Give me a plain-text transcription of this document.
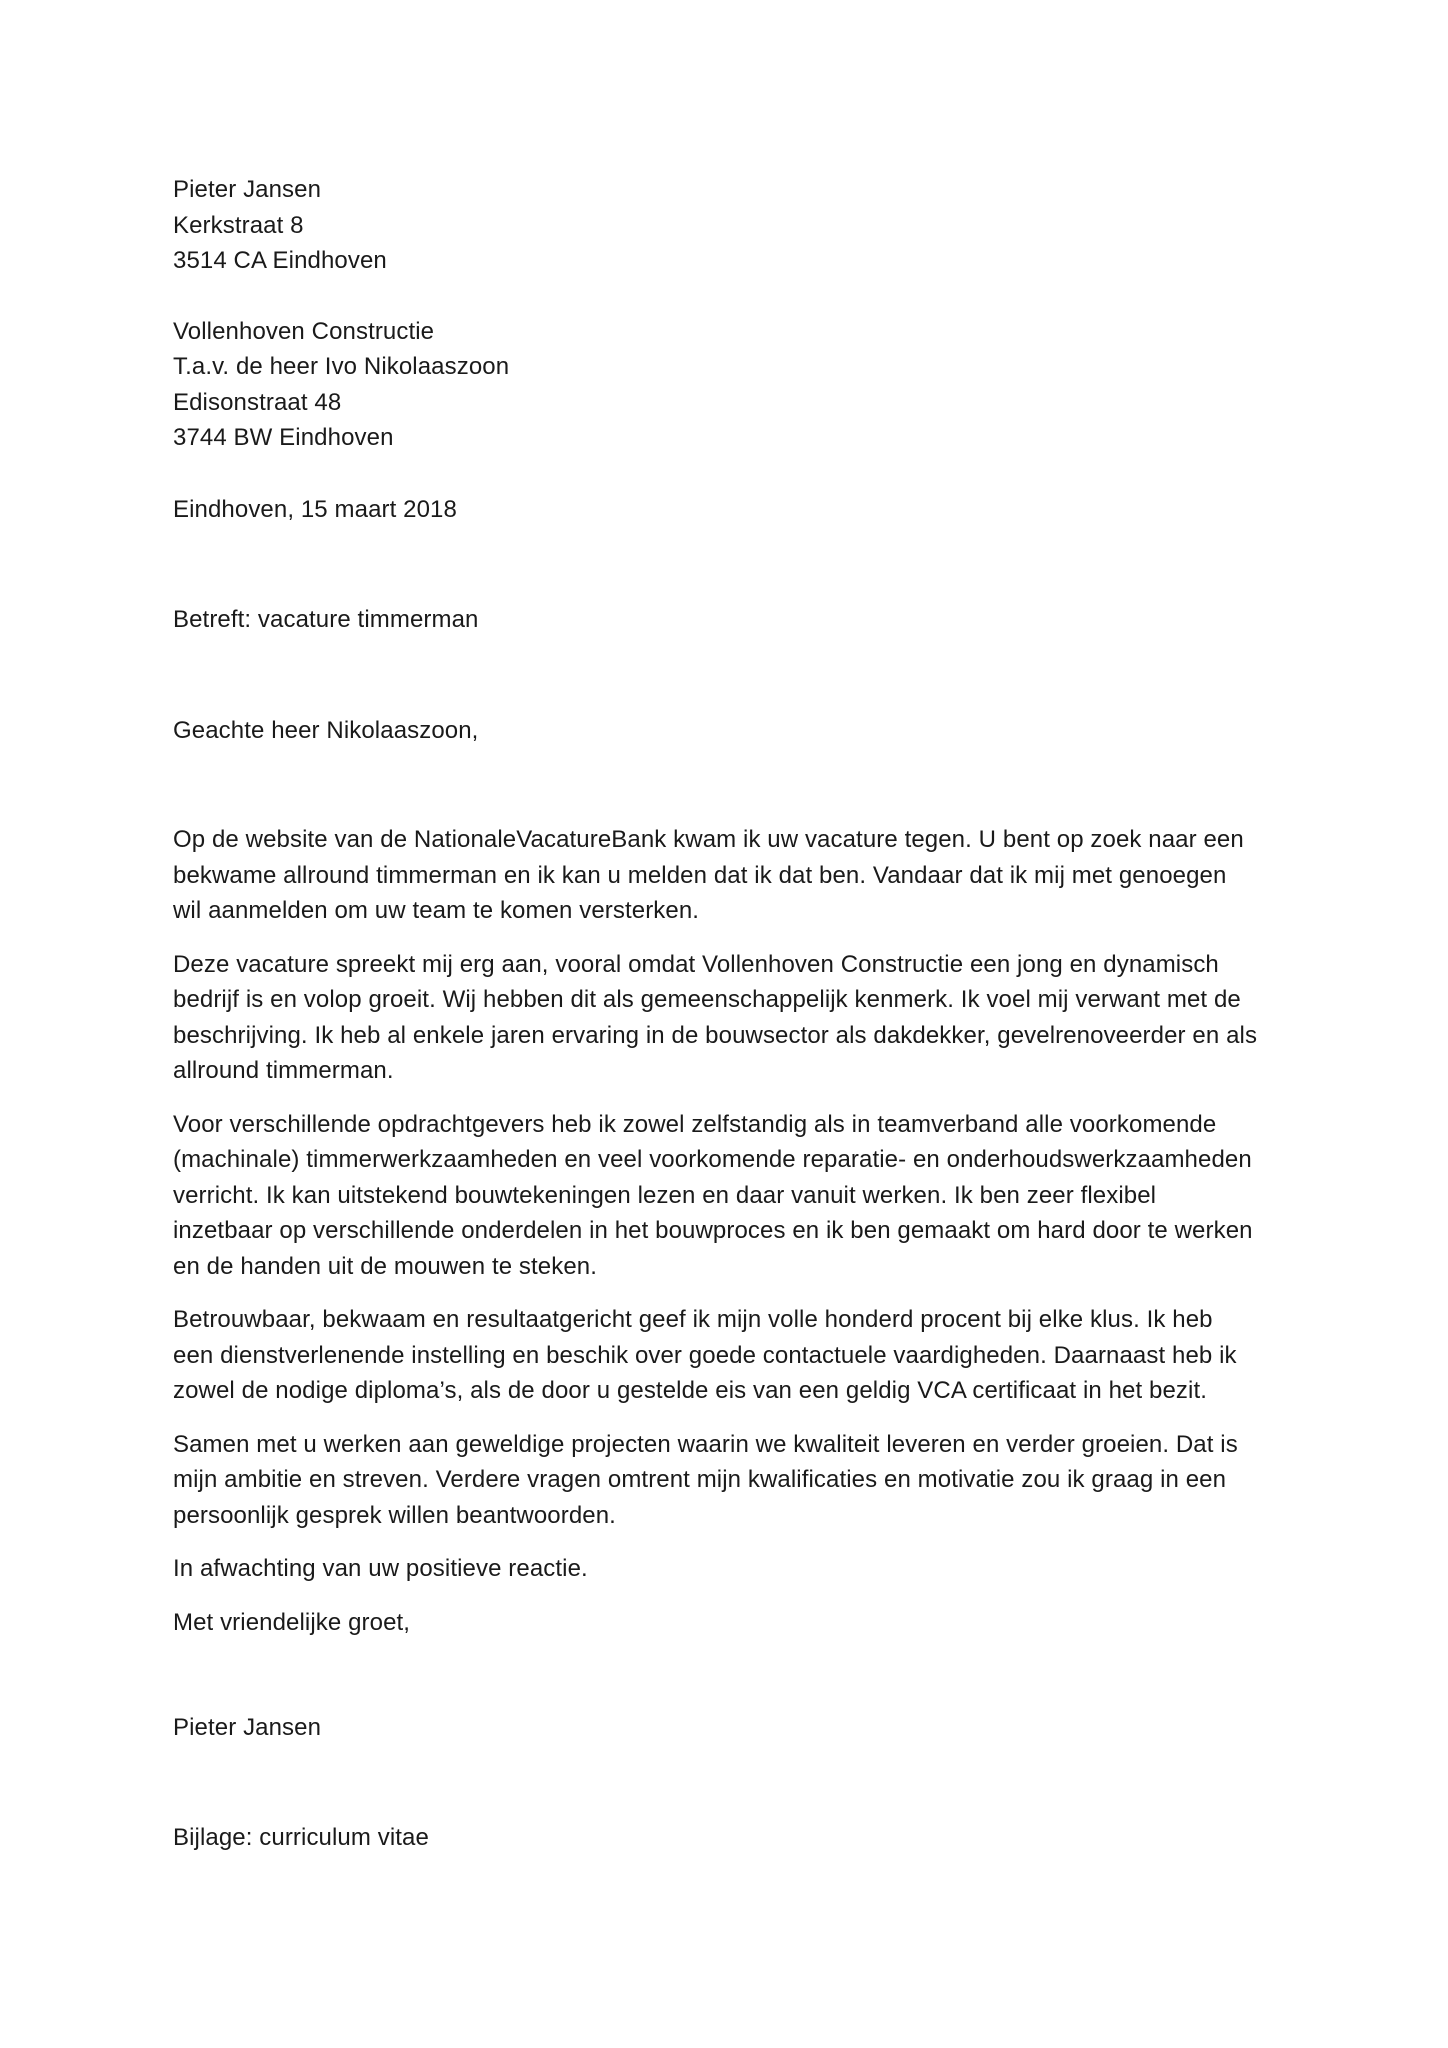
Pieter Jansen
Kerkstraat 8
3514 CA Eindhoven
Vollenhoven Constructie
T.a.v. de heer Ivo Nikolaaszoon
Edisonstraat 48
3744 BW Eindhoven
Eindhoven, 15 maart 2018
Betreft: vacature timmerman
Geachte heer Nikolaaszoon,
Op de website van de NationaleVacatureBank kwam ik uw vacature tegen. U bent op zoek naar een
bekwame allround timmerman en ik kan u melden dat ik dat ben. Vandaar dat ik mij met genoegen
wil aanmelden om uw team te komen versterken.
Deze vacature spreekt mij erg aan, vooral omdat Vollenhoven Constructie een jong en dynamisch
bedrijf is en volop groeit. Wij hebben dit als gemeenschappelijk kenmerk. Ik voel mij verwant met de
beschrijving. Ik heb al enkele jaren ervaring in de bouwsector als dakdekker, gevelrenoveerder en als
allround timmerman.
Voor verschillende opdrachtgevers heb ik zowel zelfstandig als in teamverband alle voorkomende
(machinale) timmerwerkzaamheden en veel voorkomende reparatie- en onderhoudswerkzaamheden
verricht. Ik kan uitstekend bouwtekeningen lezen en daar vanuit werken. Ik ben zeer flexibel
inzetbaar op verschillende onderdelen in het bouwproces en ik ben gemaakt om hard door te werken
en de handen uit de mouwen te steken.
Betrouwbaar, bekwaam en resultaatgericht geef ik mijn volle honderd procent bij elke klus. Ik heb
een dienstverlenende instelling en beschik over goede contactuele vaardigheden. Daarnaast heb ik
zowel de nodige diploma’s, als de door u gestelde eis van een geldig VCA certificaat in het bezit.
Samen met u werken aan geweldige projecten waarin we kwaliteit leveren en verder groeien. Dat is
mijn ambitie en streven. Verdere vragen omtrent mijn kwalificaties en motivatie zou ik graag in een
persoonlijk gesprek willen beantwoorden.
In afwachting van uw positieve reactie.
Met vriendelijke groet,
Pieter Jansen
Bijlage: curriculum vitae
